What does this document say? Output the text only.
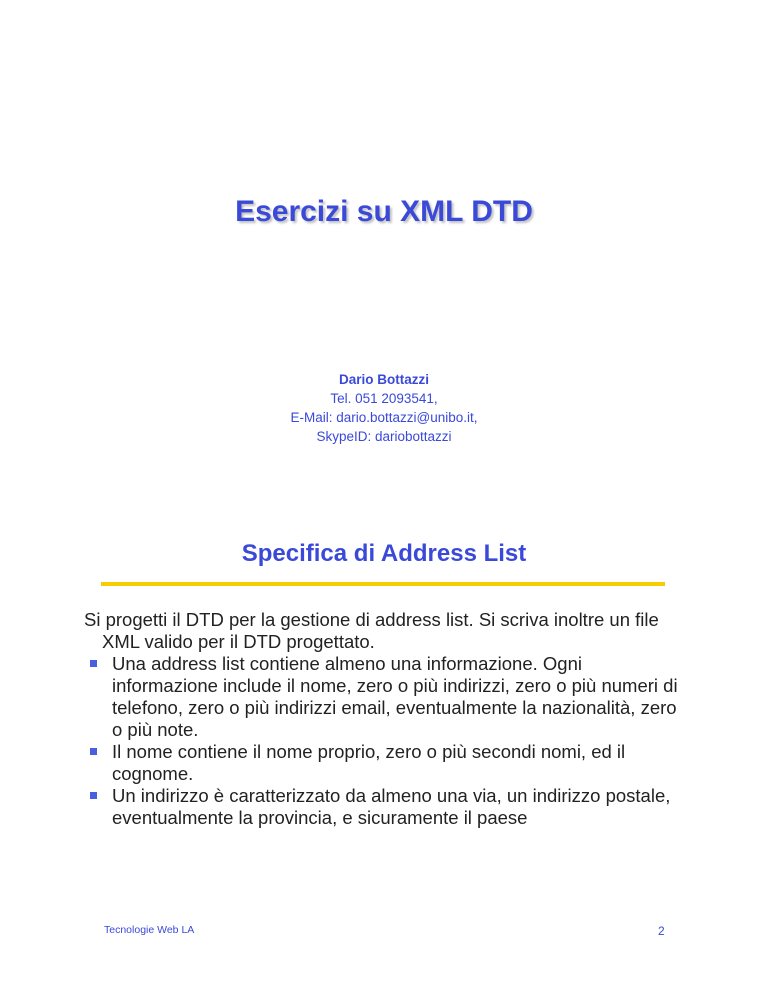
Esercizi su XML DTD
Dario Bottazzi
Tel. 051 2093541,
E-Mail: dario.bottazzi@unibo.it,
SkypeID: dariobottazzi
Specifica di Address List

Si progetti il DTD per la gestione di address list. Si scriva inoltre un file XML valido per il DTD progettato.

Una address list contiene almeno una informazione. Ogni informazione include il nome, zero o più indirizzi, zero o più numeri di telefono, zero o più indirizzi email, eventualmente la nazionalità, zero o più note.
Il nome contiene il nome proprio, zero o più secondi nomi, ed il cognome.
Un indirizzo è caratterizzato da almeno una via, un indirizzo postale, eventualmente la provincia, e sicuramente il paese
Tecnologie Web LA	2
